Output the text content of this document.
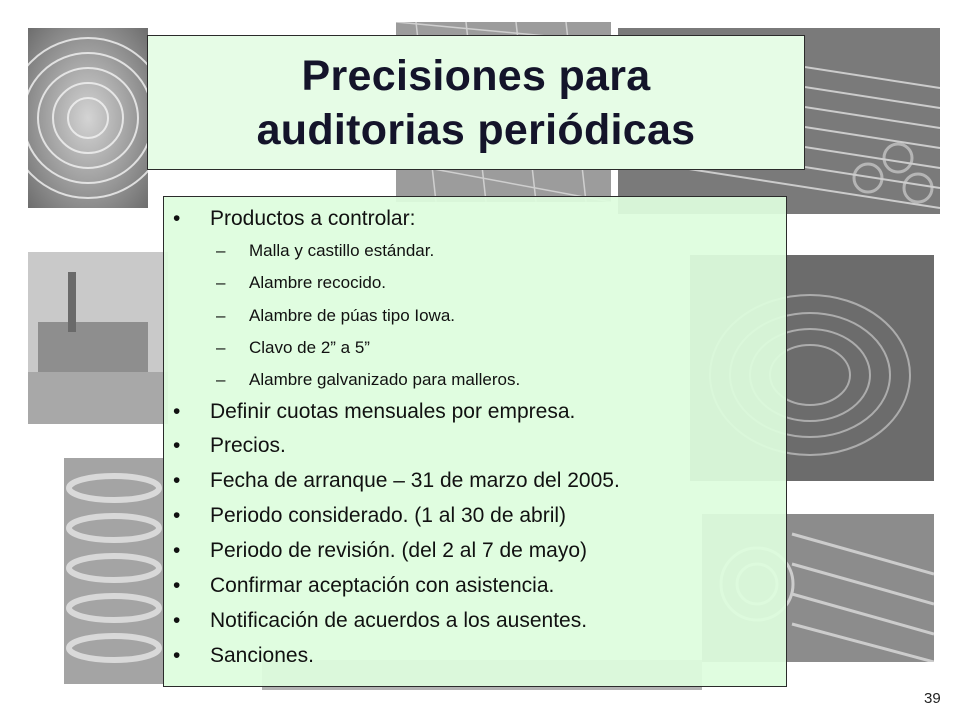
Precisiones para
auditorias periódicas
• Productos a controlar:
– Malla y castillo estándar.
– Alambre recocido.
– Alambre de púas tipo Iowa.
– Clavo de 2” a 5”
– Alambre galvanizado para malleros.
• Definir cuotas mensuales por empresa.
• Precios.
• Fecha de arranque – 31 de marzo del 2005.
• Periodo considerado. (1 al 30 de abril)
• Periodo de revisión. (del 2 al 7 de mayo)
• Confirmar aceptación con asistencia.
• Notificación de acuerdos a los ausentes.
• Sanciones.
39
